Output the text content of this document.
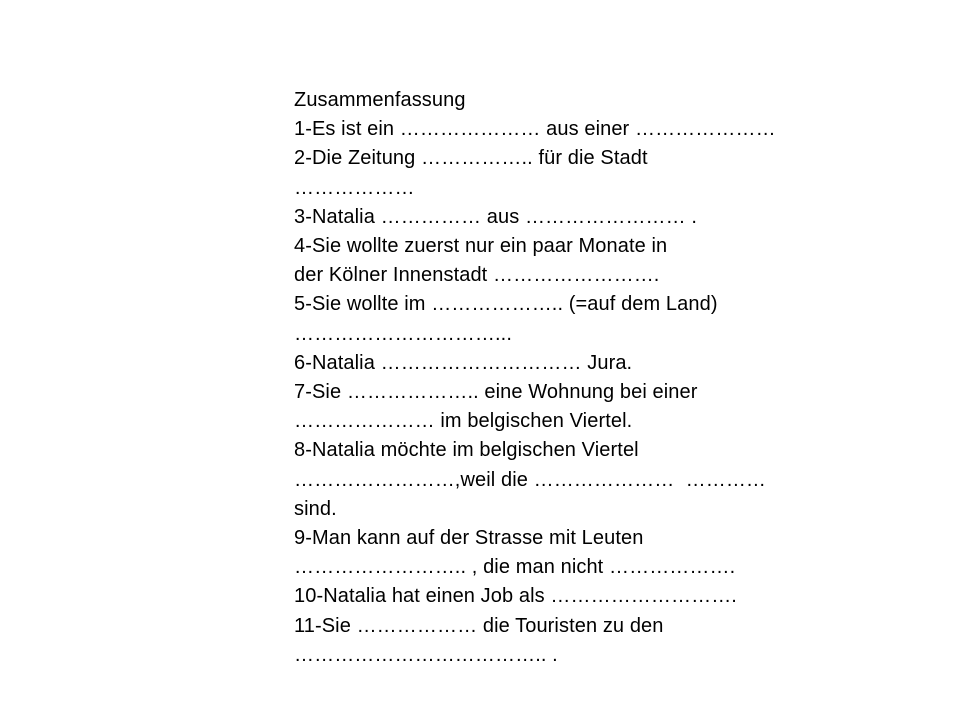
Zusammenfassung
1-Es ist ein ………………… aus einer …………………
2-Die Zeitung …………….. für die Stadt
………………
3-Natalia …………… aus …………………… .
4-Sie wollte zuerst nur ein paar Monate in
der Kölner Innenstadt …………………….
5-Sie wollte im ……………….. (=auf dem Land)
…………………………...
6-Natalia ………………………… Jura.
7-Sie ……………….. eine Wohnung bei einer
………………… im belgischen Viertel.
8-Natalia möchte im belgischen Viertel
……………………,weil die …………………  …………
sind.
9-Man kann auf der Strasse mit Leuten
…………………….. , die man nicht ……………….
10-Natalia hat einen Job als ……………………….
11-Sie ……………… die Touristen zu den
……………………………….. .
